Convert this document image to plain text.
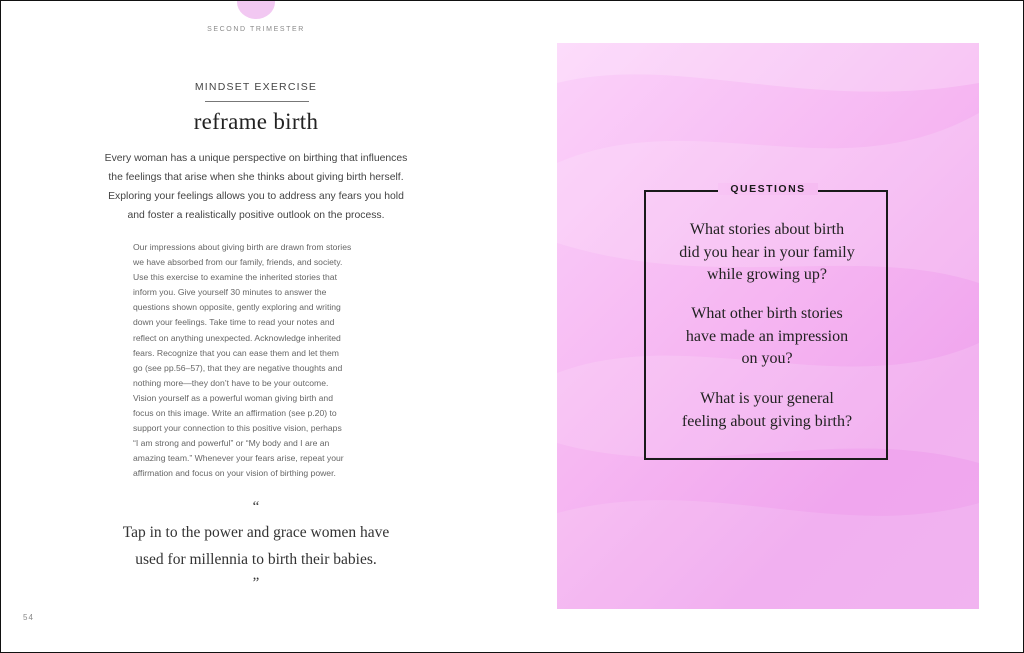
SECOND TRIMESTER
MINDSET EXERCISE
reframe birth
Every woman has a unique perspective on birthing that influences
the feelings that arise when she thinks about giving birth herself.
Exploring your feelings allows you to address any fears you hold
and foster a realistically positive outlook on the process.
Our impressions about giving birth are drawn from stories
we have absorbed from our family, friends, and society.
Use this exercise to examine the inherited stories that
inform you. Give yourself 30 minutes to answer the
questions shown opposite, gently exploring and writing
down your feelings. Take time to read your notes and
reflect on anything unexpected. Acknowledge inherited
fears. Recognize that you can ease them and let them
go (see pp.56–57), that they are negative thoughts and
nothing more—they don’t have to be your outcome.
Vision yourself as a powerful woman giving birth and
focus on this image. Write an affirmation (see p.20) to
support your connection to this positive vision, perhaps
“I am strong and powerful” or “My body and I are an
amazing team.” Whenever your fears arise, repeat your
affirmation and focus on your vision of birthing power.
“
Tap in to the power and grace women have
used for millennia to birth their babies.
”
54
QUESTIONS
What stories about birth
did you hear in your family
while growing up?
What other birth stories
have made an impression
on you?
What is your general
feeling about giving birth?
